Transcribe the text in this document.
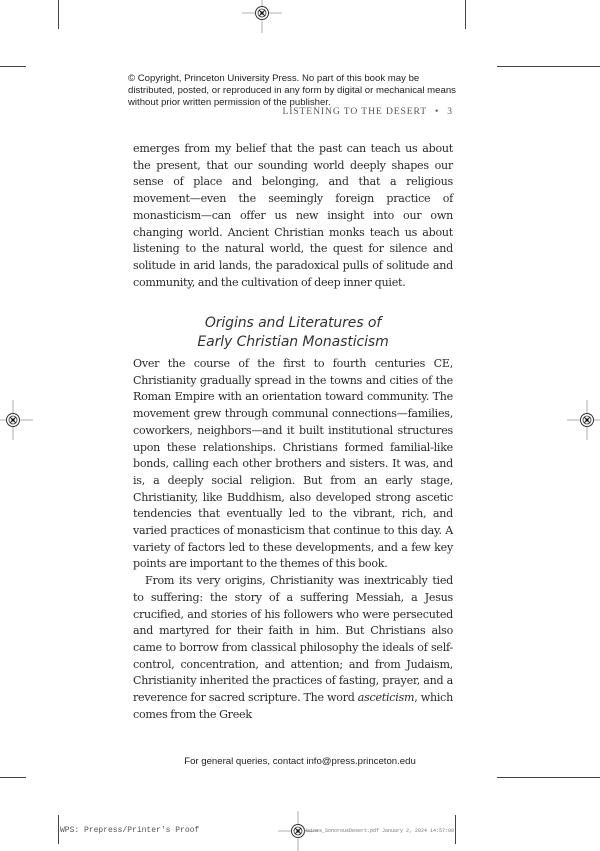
© Copyright, Princeton University Press. No part of this book may be distributed, posted, or reproduced in any form by digital or mechanical means without prior written permission of the publisher.
LISTENING TO THE DESERT • 3

emerges from my belief that the past can teach us about the present, that our sounding world deeply shapes our sense of place and belonging, and that a religious movement—even the seemingly foreign practice of monasticism—can offer us new insight into our own changing world. Ancient Christian monks teach us about listening to the natural world, the quest for silence and solitude in arid lands, the paradoxical pulls of solitude and community, and the cultivation of deep inner quiet.

Origins and Literatures of
Early Christian Monasticism

Over the course of the first to fourth centuries CE, Christianity gradually spread in the towns and cities of the Roman Empire with an orientation toward community. The movement grew through communal connections—families, coworkers, neighbors—and it built institutional structures upon these relationships. Christians formed familial-like bonds, calling each other brothers and sisters. It was, and is, a deeply social religion. But from an early stage, Christianity, like Buddhism, also developed strong ascetic tendencies that eventually led to the vibrant, rich, and varied practices of monasticism that continue to this day. A variety of factors led to these developments, and a few key points are important to the themes of this book.

From its very origins, Christianity was inextricably tied to suffering: the story of a suffering Messiah, a Jesus crucified, and stories of his followers who were persecuted and martyred for their faith in him. But Christians also came to borrow from classical philosophy the ideals of self-control, concentration, and attention; and from Judaism, Christianity inherited the practices of fasting, prayer, and a reverence for sacred scripture. The word asceticism, which comes from the Greek

For general queries, contact info@press.princeton.edu
WPS: Prepress/Printer's Proof	Haines_SonorousDesert.pdf January 2, 2024 14:57:00
